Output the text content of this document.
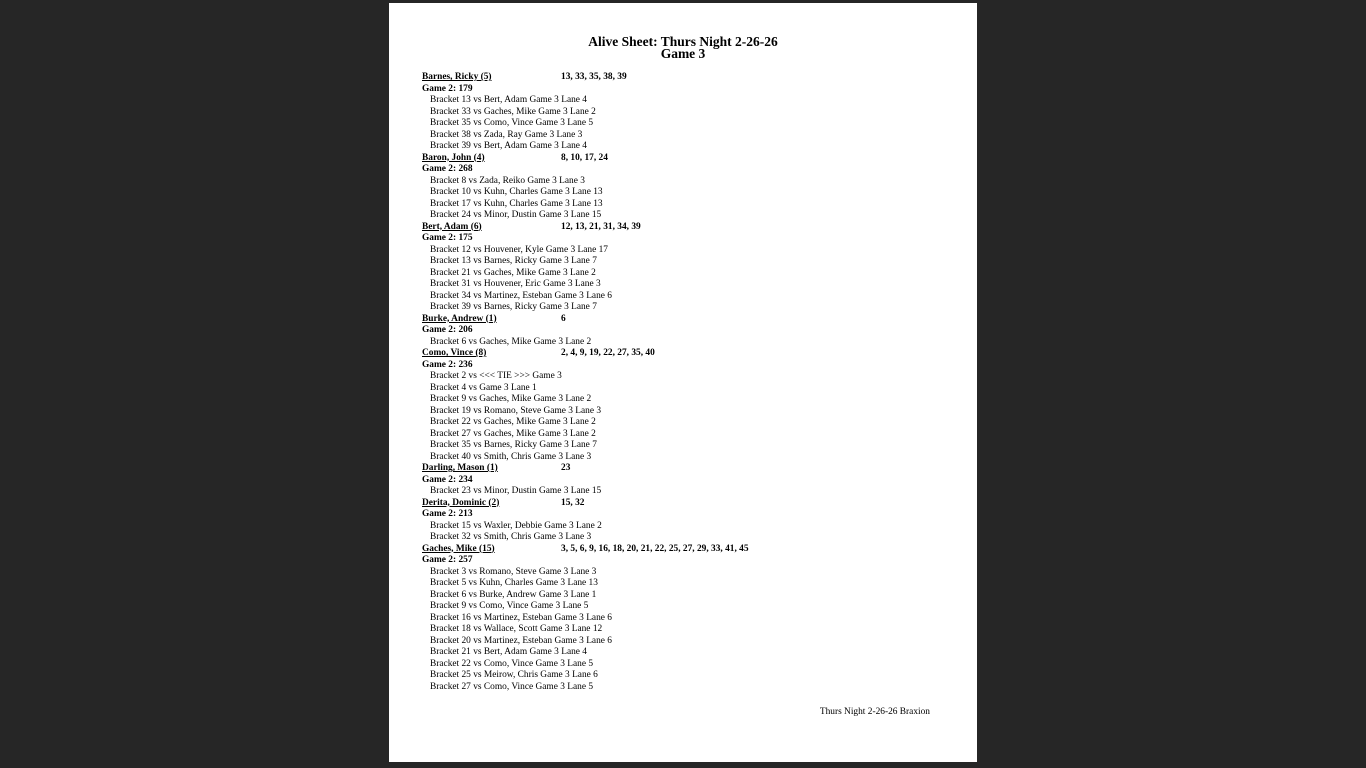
Alive Sheet: Thurs Night 2-26-26
Game 3
Barnes, Ricky (5)	13, 33, 35, 38, 39
Game 2: 179
Bracket 13 vs Bert, Adam Game 3 Lane 4
Bracket 33 vs Gaches, Mike Game 3 Lane 2
Bracket 35 vs Como, Vince Game 3 Lane 5
Bracket 38 vs Zada, Ray Game 3 Lane 3
Bracket 39 vs Bert, Adam Game 3 Lane 4
Baron, John (4)	8, 10, 17, 24
Game 2: 268
Bracket 8 vs Zada, Reiko Game 3 Lane 3
Bracket 10 vs Kuhn, Charles Game 3 Lane 13
Bracket 17 vs Kuhn, Charles Game 3 Lane 13
Bracket 24 vs Minor, Dustin Game 3 Lane 15
Bert, Adam (6)	12, 13, 21, 31, 34, 39
Game 2: 175
Bracket 12 vs Houvener, Kyle Game 3 Lane 17
Bracket 13 vs Barnes, Ricky Game 3 Lane 7
Bracket 21 vs Gaches, Mike Game 3 Lane 2
Bracket 31 vs Houvener, Eric Game 3 Lane 3
Bracket 34 vs Martinez, Esteban Game 3 Lane 6
Bracket 39 vs Barnes, Ricky Game 3 Lane 7
Burke, Andrew (1)	6
Game 2: 206
Bracket 6 vs Gaches, Mike Game 3 Lane 2
Como, Vince (8)	2, 4, 9, 19, 22, 27, 35, 40
Game 2: 236
Bracket 2 vs <<< TIE >>> Game 3
Bracket 4 vs Game 3 Lane 1
Bracket 9 vs Gaches, Mike Game 3 Lane 2
Bracket 19 vs Romano, Steve Game 3 Lane 3
Bracket 22 vs Gaches, Mike Game 3 Lane 2
Bracket 27 vs Gaches, Mike Game 3 Lane 2
Bracket 35 vs Barnes, Ricky Game 3 Lane 7
Bracket 40 vs Smith, Chris Game 3 Lane 3
Darling, Mason (1)	23
Game 2: 234
Bracket 23 vs Minor, Dustin Game 3 Lane 15
Derita, Dominic (2)	15, 32
Game 2: 213
Bracket 15 vs Waxler, Debbie Game 3 Lane 2
Bracket 32 vs Smith, Chris Game 3 Lane 3
Gaches, Mike (15)	3, 5, 6, 9, 16, 18, 20, 21, 22, 25, 27, 29, 33, 41, 45
Game 2: 257
Bracket 3 vs Romano, Steve Game 3 Lane 3
Bracket 5 vs Kuhn, Charles Game 3 Lane 13
Bracket 6 vs Burke, Andrew Game 3 Lane 1
Bracket 9 vs Como, Vince Game 3 Lane 5
Bracket 16 vs Martinez, Esteban Game 3 Lane 6
Bracket 18 vs Wallace, Scott Game 3 Lane 12
Bracket 20 vs Martinez, Esteban Game 3 Lane 6
Bracket 21 vs Bert, Adam Game 3 Lane 4
Bracket 22 vs Como, Vince Game 3 Lane 5
Bracket 25 vs Meirow, Chris Game 3 Lane 6
Bracket 27 vs Como, Vince Game 3 Lane 5
Thurs Night 2-26-26 Braxion
